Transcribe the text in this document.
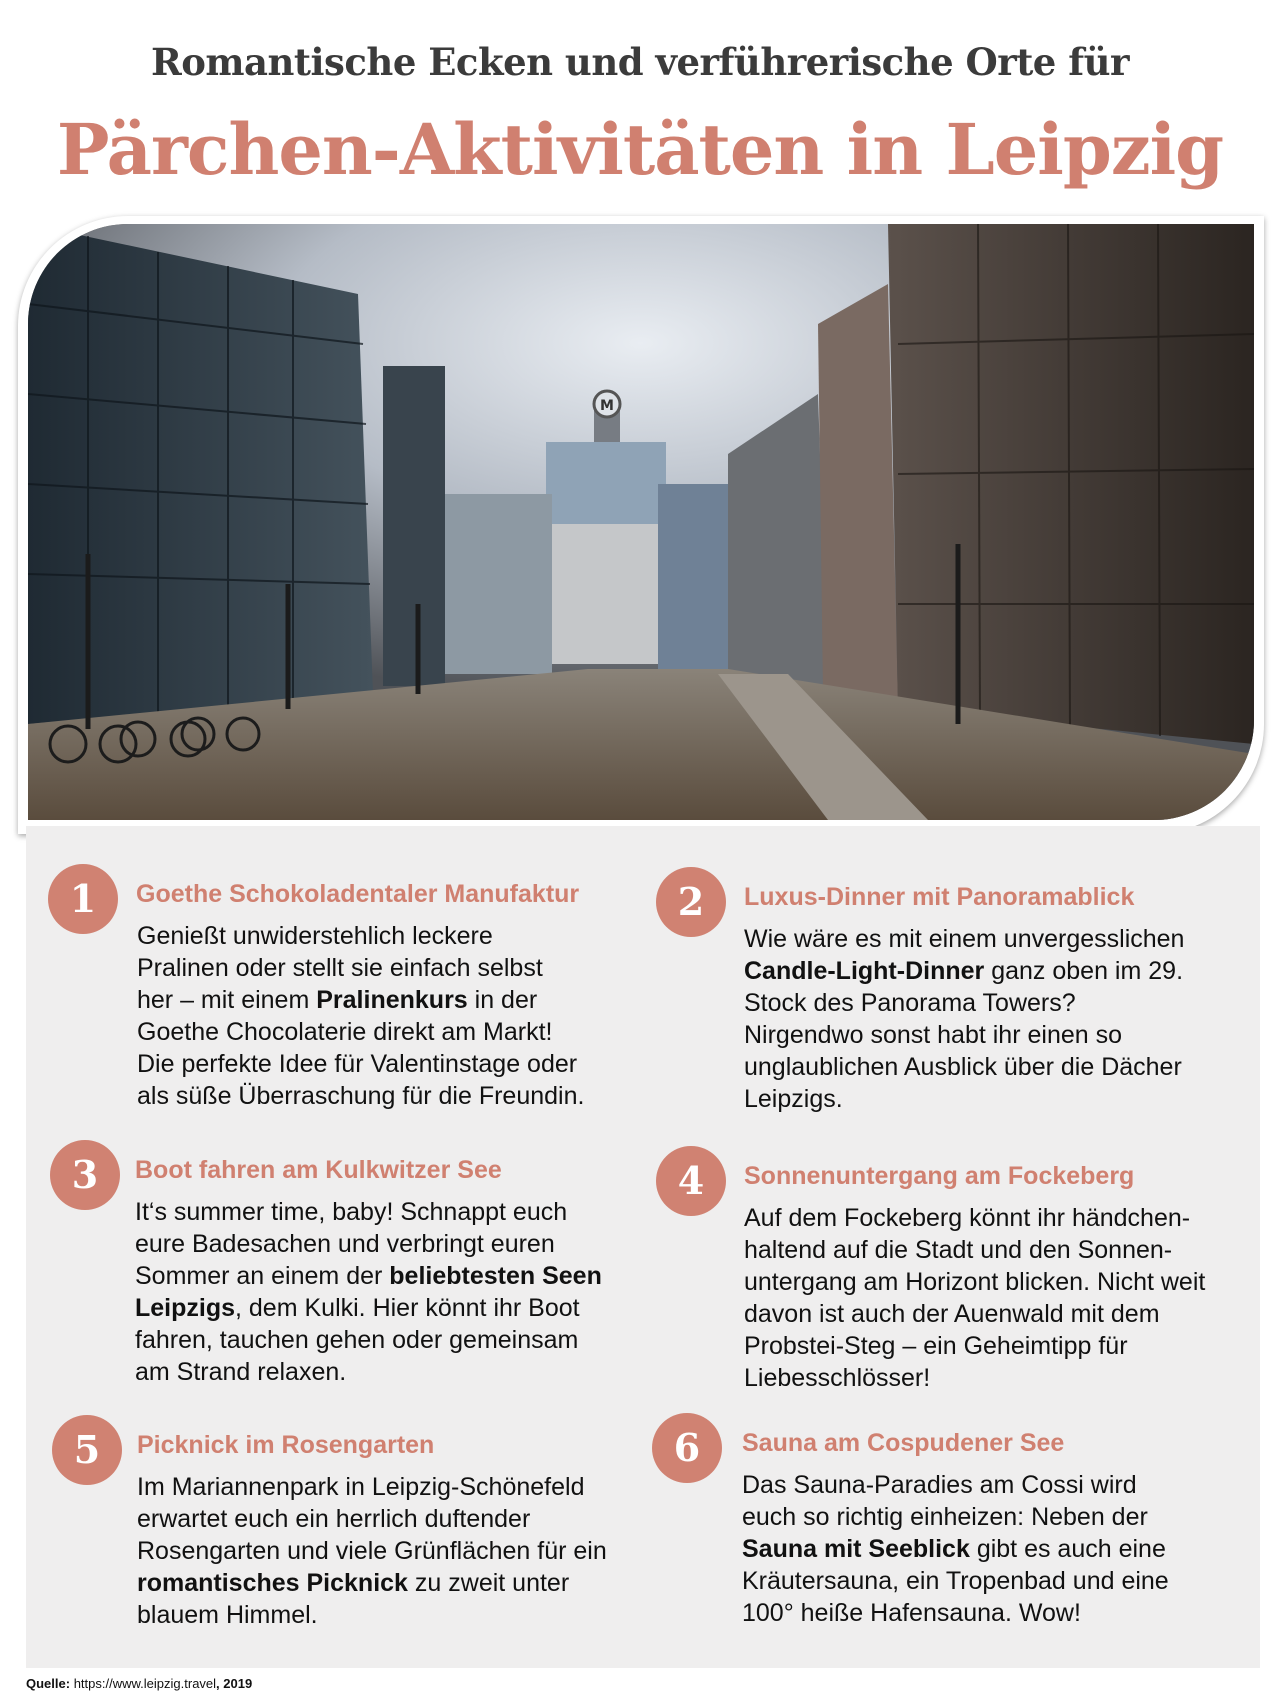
Romantische Ecken und verführerische Orte für
Pärchen-Aktivitäten in Leipzig
M
1	Goethe Schokoladentaler Manufaktur
Genießt unwiderstehlich leckere
Pralinen oder stellt sie einfach selbst
her – mit einem Pralinenkurs in der
Goethe Chocolaterie direkt am Markt!
Die perfekte Idee für Valentinstage oder
als süße Überraschung für die Freundin.
2	Luxus-Dinner mit Panoramablick
Wie wäre es mit einem unvergesslichen
Candle-Light-Dinner ganz oben im 29.
Stock des Panorama Towers?
Nirgendwo sonst habt ihr einen so
unglaublichen Ausblick über die Dächer
Leipzigs.
3	Boot fahren am Kulkwitzer See
It‘s summer time, baby! Schnappt euch
eure Badesachen und verbringt euren
Sommer an einem der beliebtesten Seen
Leipzigs, dem Kulki. Hier könnt ihr Boot
fahren, tauchen gehen oder gemeinsam
am Strand relaxen.
4	Sonnenuntergang am Fockeberg
Auf dem Fockeberg könnt ihr händchen-
haltend auf die Stadt und den Sonnen-
untergang am Horizont blicken. Nicht weit
davon ist auch der Auenwald mit dem
Probstei-Steg – ein Geheimtipp für
Liebesschlösser!
5	Picknick im Rosengarten
Im Mariannenpark in Leipzig-Schönefeld
erwartet euch ein herrlich duftender
Rosengarten und viele Grünflächen für ein
romantisches Picknick zu zweit unter
blauem Himmel.
6	Sauna am Cospudener See
Das Sauna-Paradies am Cossi wird
euch so richtig einheizen: Neben der
Sauna mit Seeblick gibt es auch eine
Kräutersauna, ein Tropenbad und eine
100° heiße Hafensauna. Wow!
Quelle: https://www.leipzig.travel, 2019
